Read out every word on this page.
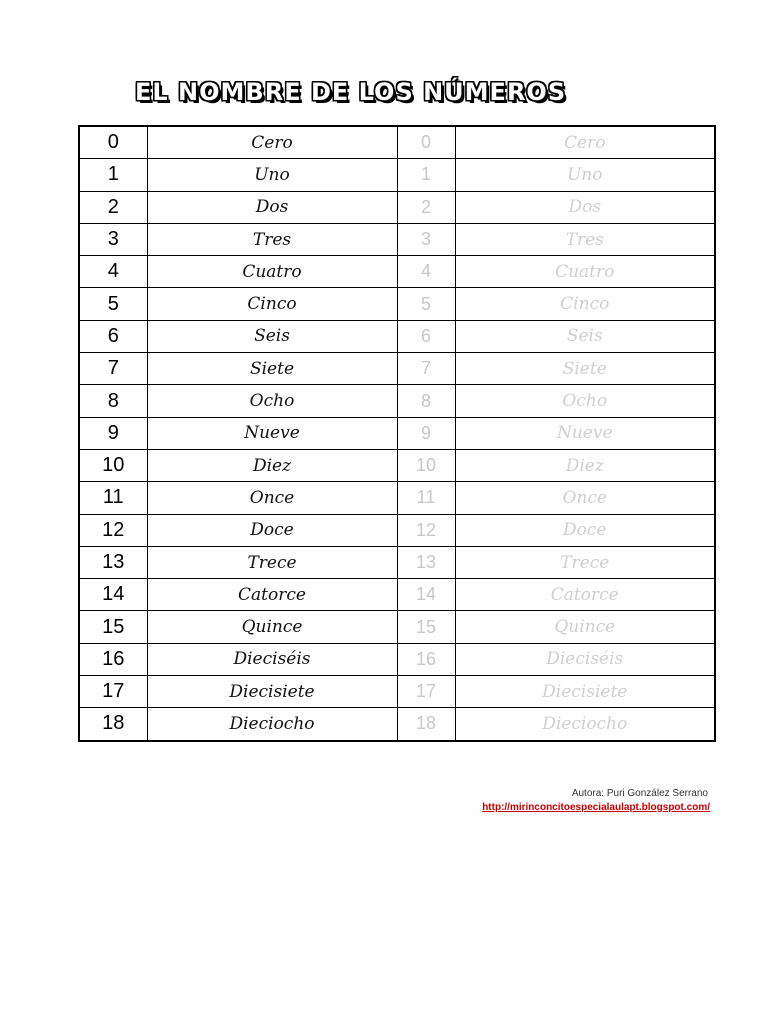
EL NOMBRE DE LOS NÚMEROS
0	Cero	0	Cero
1	Uno	1	Uno
2	Dos	2	Dos
3	Tres	3	Tres
4	Cuatro	4	Cuatro
5	Cinco	5	Cinco
6	Seis	6	Seis
7	Siete	7	Siete
8	Ocho	8	Ocho
9	Nueve	9	Nueve
10	Diez	10	Diez
11	Once	11	Once
12	Doce	12	Doce
13	Trece	13	Trece
14	Catorce	14	Catorce
15	Quince	15	Quince
16	Dieciséis	16	Dieciséis
17	Diecisiete	17	Diecisiete
18	Dieciocho	18	Dieciocho
Autora: Puri González Serrano
http://mirinconcitoespecialaulapt.blogspot.com/
